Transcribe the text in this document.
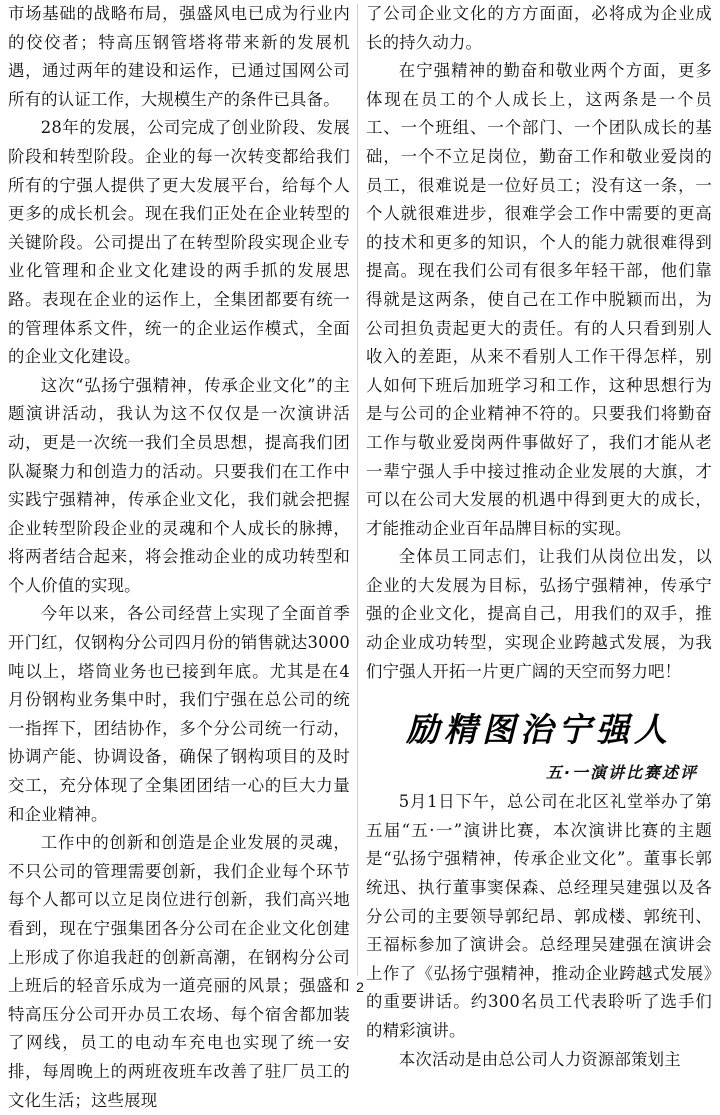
市场基础的战略布局，强盛风电已成为行业内的佼佼者；特高压钢管塔将带来新的发展机遇，通过两年的建设和运作，已通过国网公司所有的认证工作，大规模生产的条件已具备。

28年的发展，公司完成了创业阶段、发展阶段和转型阶段。企业的每一次转变都给我们所有的宁强人提供了更大发展平台，给每个人更多的成长机会。现在我们正处在企业转型的关键阶段。公司提出了在转型阶段实现企业专业化管理和企业文化建设的两手抓的发展思路。表现在企业的运作上，全集团都要有统一的管理体系文件，统一的企业运作模式，全面的企业文化建设。

这次“弘扬宁强精神，传承企业文化”的主题演讲活动，我认为这不仅仅是一次演讲活动，更是一次统一我们全员思想，提高我们团队凝聚力和创造力的活动。只要我们在工作中实践宁强精神，传承企业文化，我们就会把握企业转型阶段企业的灵魂和个人成长的脉搏，将两者结合起来，将会推动企业的成功转型和个人价值的实现。

今年以来，各公司经营上实现了全面首季开门红，仅钢构分公司四月份的销售就达3000吨以上，塔筒业务也已接到年底。尤其是在4月份钢构业务集中时，我们宁强在总公司的统一指挥下，团结协作，多个分公司统一行动，协调产能、协调设备，确保了钢构项目的及时交工，充分体现了全集团团结一心的巨大力量和企业精神。

工作中的创新和创造是企业发展的灵魂，不只公司的管理需要创新，我们企业每个环节每个人都可以立足岗位进行创新，我们高兴地看到，现在宁强集团各分公司在企业文化创建上形成了你追我赶的创新高潮，在钢构分公司上班后的轻音乐成为一道亮丽的风景；强盛和特高压分公司开办员工农场、每个宿舍都加装了网线，员工的电动车充电也实现了统一安排，每周晚上的两班夜班车改善了驻厂员工的文化生活；这些展现

了公司企业文化的方方面面，必将成为企业成长的持久动力。

在宁强精神的勤奋和敬业两个方面，更多体现在员工的个人成长上，这两条是一个员工、一个班组、一个部门、一个团队成长的基础，一个不立足岗位，勤奋工作和敬业爱岗的员工，很难说是一位好员工；没有这一条，一个人就很难进步，很难学会工作中需要的更高的技术和更多的知识，个人的能力就很难得到提高。现在我们公司有很多年轻干部，他们靠得就是这两条，使自己在工作中脱颖而出，为公司担负责起更大的责任。有的人只看到别人收入的差距，从来不看别人工作干得怎样，别人如何下班后加班学习和工作，这种思想行为是与公司的企业精神不符的。只要我们将勤奋工作与敬业爱岗两件事做好了，我们才能从老一辈宁强人手中接过推动企业发展的大旗，才可以在公司大发展的机遇中得到更大的成长，才能推动企业百年品牌目标的实现。

全体员工同志们，让我们从岗位出发，以企业的大发展为目标，弘扬宁强精神，传承宁强的企业文化，提高自己，用我们的双手，推动企业成功转型，实现企业跨越式发展，为我们宁强人开拓一片更广阔的天空而努力吧！

励精图治宁强人
五·一演讲比赛述评

5月1日下午，总公司在北区礼堂举办了第五届“五·一”演讲比赛，本次演讲比赛的主题是“弘扬宁强精神，传承企业文化”。董事长郭统迅、执行董事窦保森、总经理吴建强以及各分公司的主要领导郭纪昂、郭成楼、郭统刊、王福标参加了演讲会。总经理吴建强在演讲会上作了《弘扬宁强精神，推动企业跨越式发展》的重要讲话。约300名员工代表聆听了选手们的精彩演讲。

本次活动是由总公司人力资源部策划主

2
